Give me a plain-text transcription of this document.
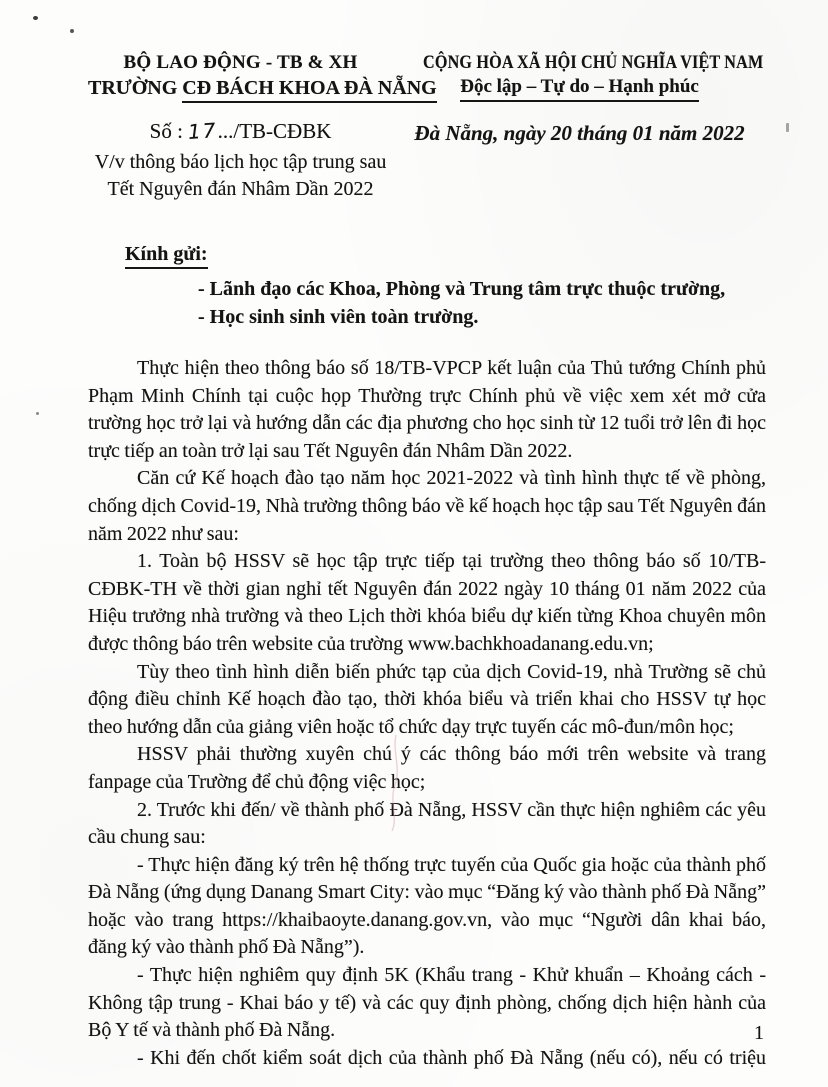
BỘ LAO ĐỘNG - TB & XH
TRƯỜNG CĐ BÁCH KHOA ĐÀ NẴNG
CỘNG HÒA XÃ HỘI CHỦ NGHĨA VIỆT NAM
Độc lập – Tự do – Hạnh phúc
Số : 17.../TB-CĐBK
V/v thông báo lịch học tập trung sau
Tết Nguyên đán Nhâm Dần 2022
Đà Nẵng, ngày 20 tháng 01 năm 2022
Kính gửi:
- Lãnh đạo các Khoa, Phòng và Trung tâm trực thuộc trường,
- Học sinh sinh viên toàn trường.

Thực hiện theo thông báo số 18/TB-VPCP kết luận của Thủ tướng Chính phủ Phạm Minh Chính tại cuộc họp Thường trực Chính phủ về việc xem xét mở cửa trường học trở lại và hướng dẫn các địa phương cho học sinh từ 12 tuổi trở lên đi học trực tiếp an toàn trở lại sau Tết Nguyên đán Nhâm Dần 2022.

Căn cứ Kế hoạch đào tạo năm học 2021-2022 và tình hình thực tế về phòng, chống dịch Covid-19, Nhà trường thông báo về kế hoạch học tập sau Tết Nguyên đán năm 2022 như sau:

1. Toàn bộ HSSV sẽ học tập trực tiếp tại trường theo thông báo số 10/TB-CĐBK-TH về thời gian nghỉ tết Nguyên đán 2022 ngày 10 tháng 01 năm 2022 của Hiệu trưởng nhà trường và theo Lịch thời khóa biểu dự kiến từng Khoa chuyên môn được thông báo trên website của trường www.bachkhoadanang.edu.vn;

Tùy theo tình hình diễn biến phức tạp của dịch Covid-19, nhà Trường sẽ chủ động điều chỉnh Kế hoạch đào tạo, thời khóa biểu và triển khai cho HSSV tự học theo hướng dẫn của giảng viên hoặc tổ chức dạy trực tuyến các mô-đun/môn học;

HSSV phải thường xuyên chú ý các thông báo mới trên website và trang fanpage của Trường để chủ động việc học;

2. Trước khi đến/ về thành phố Đà Nẵng, HSSV cần thực hiện nghiêm các yêu cầu chung sau:

- Thực hiện đăng ký trên hệ thống trực tuyến của Quốc gia hoặc của thành phố Đà Nẵng (ứng dụng Danang Smart City: vào mục “Đăng ký vào thành phố Đà Nẵng” hoặc vào trang https://khaibaoyte.danang.gov.vn, vào mục “Người dân khai báo, đăng ký vào thành phố Đà Nẵng”).

- Thực hiện nghiêm quy định 5K (Khẩu trang - Khử khuẩn – Khoảng cách - Không tập trung - Khai báo y tế) và các quy định phòng, chống dịch hiện hành của Bộ Y tế và thành phố Đà Nẵng.

- Khi đến chốt kiểm soát dịch của thành phố Đà Nẵng (nếu có), nếu có triệu

1
